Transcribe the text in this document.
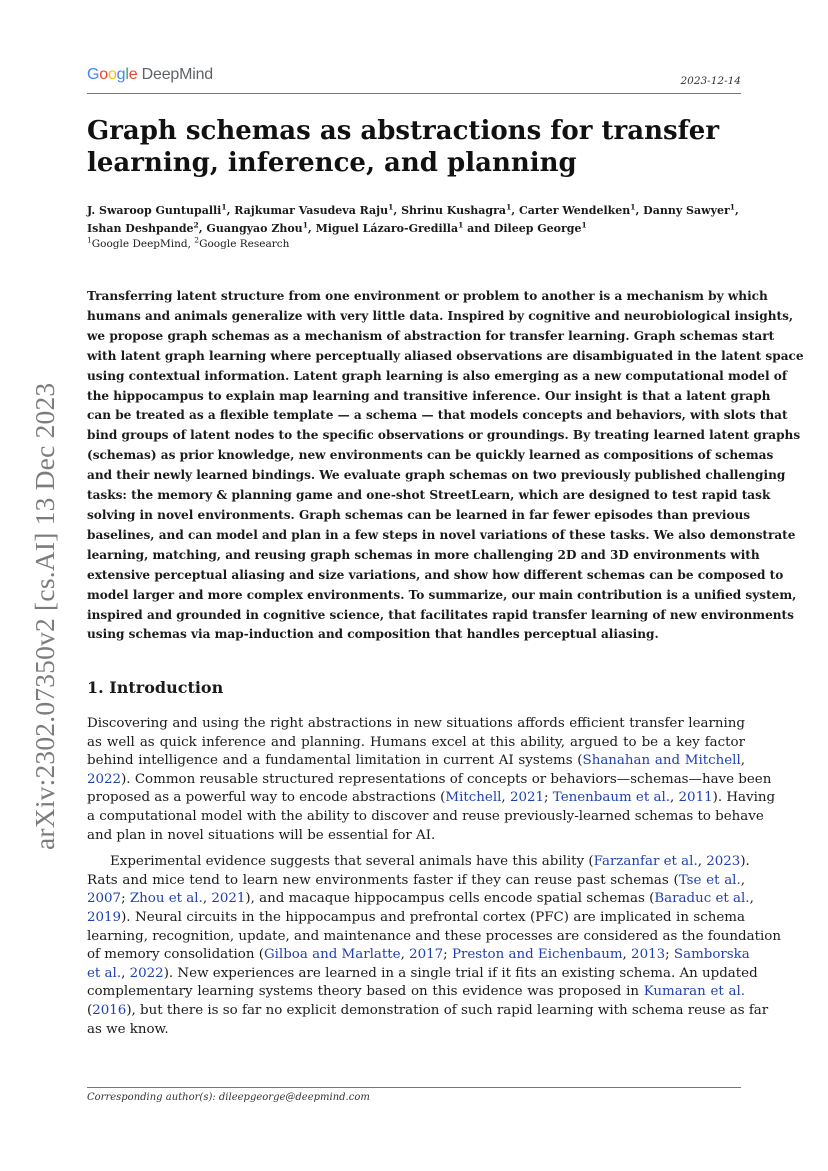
Google DeepMind	2023-12-14
Graph schemas as abstractions for transfer
learning, inference, and planning
J. Swaroop Guntupalli$^1$, Rajkumar Vasudeva Raju$^1$, Shrinu Kushagra$^1$, Carter Wendelken$^1$, Danny Sawyer$^1$,
Ishan Deshpande$^2$, Guangyao Zhou$^1$, Miguel Lázaro-Gredilla$^1$ and Dileep George$^1$
$^1$Google DeepMind, $^2$Google Research
Transferring latent structure from one environment or problem to another is a mechanism by which
humans and animals generalize with very little data. Inspired by cognitive and neurobiological insights,
we propose graph schemas as a mechanism of abstraction for transfer learning. Graph schemas start
with latent graph learning where perceptually aliased observations are disambiguated in the latent space
using contextual information. Latent graph learning is also emerging as a new computational model of
the hippocampus to explain map learning and transitive inference. Our insight is that a latent graph
can be treated as a flexible template — a schema — that models concepts and behaviors, with slots that
bind groups of latent nodes to the specific observations or groundings. By treating learned latent graphs
(schemas) as prior knowledge, new environments can be quickly learned as compositions of schemas
and their newly learned bindings. We evaluate graph schemas on two previously published challenging
tasks: the memory & planning game and one-shot StreetLearn, which are designed to test rapid task
solving in novel environments. Graph schemas can be learned in far fewer episodes than previous
baselines, and can model and plan in a few steps in novel variations of these tasks. We also demonstrate
learning, matching, and reusing graph schemas in more challenging 2D and 3D environments with
extensive perceptual aliasing and size variations, and show how different schemas can be composed to
model larger and more complex environments. To summarize, our main contribution is a unified system,
inspired and grounded in cognitive science, that facilitates rapid transfer learning of new environments
using schemas via map-induction and composition that handles perceptual aliasing.
1. Introduction
Discovering and using the right abstractions in new situations affords efficient transfer learning
as well as quick inference and planning. Humans excel at this ability, argued to be a key factor
behind intelligence and a fundamental limitation in current AI systems (Shanahan and Mitchell,
2022). Common reusable structured representations of concepts or behaviors—schemas—have been
proposed as a powerful way to encode abstractions (Mitchell, 2021; Tenenbaum et al., 2011). Having
a computational model with the ability to discover and reuse previously-learned schemas to behave
and plan in novel situations will be essential for AI.
Experimental evidence suggests that several animals have this ability (Farzanfar et al., 2023).
Rats and mice tend to learn new environments faster if they can reuse past schemas (Tse et al.,
2007; Zhou et al., 2021), and macaque hippocampus cells encode spatial schemas (Baraduc et al.,
2019). Neural circuits in the hippocampus and prefrontal cortex (PFC) are implicated in schema
learning, recognition, update, and maintenance and these processes are considered as the foundation
of memory consolidation (Gilboa and Marlatte, 2017; Preston and Eichenbaum, 2013; Samborska
et al., 2022). New experiences are learned in a single trial if it fits an existing schema. An updated
complementary learning systems theory based on this evidence was proposed in Kumaran et al.
(2016), but there is so far no explicit demonstration of such rapid learning with schema reuse as far
as we know.
Corresponding author(s): dileepgeorge@deepmind.com
arXiv:2302.07350v2 [cs.AI] 13 Dec 2023
